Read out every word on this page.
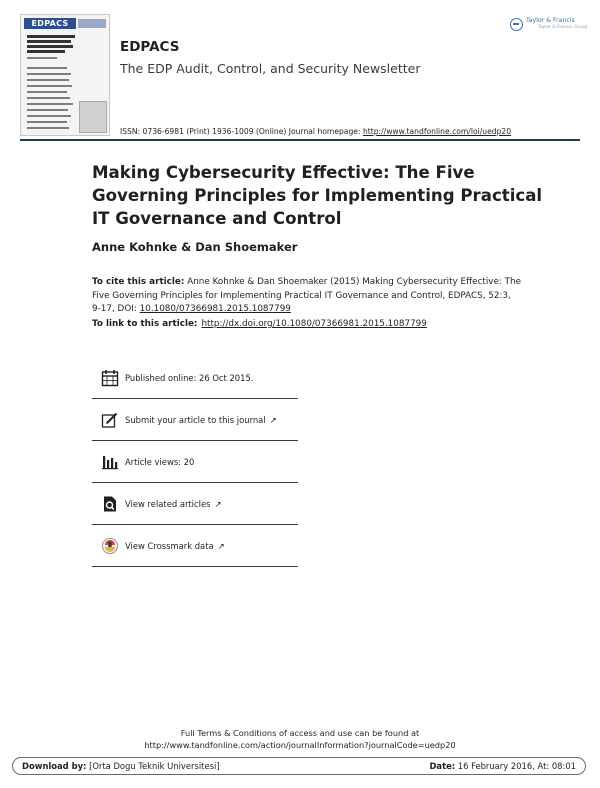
EDPACS
EDPACS
The EDP Audit, Control, and Security Newsletter
ISSN: 0736-6981 (Print) 1936-1009 (Online) Journal homepage: http://www.tandfonline.com/loi/uedp20
Taylor & Francis
Taylor & Francis Group
Making Cybersecurity Effective: The Five Governing Principles for Implementing Practical IT Governance and Control
Anne Kohnke & Dan Shoemaker
To cite this article: Anne Kohnke & Dan Shoemaker (2015) Making Cybersecurity Effective: The Five Governing Principles for Implementing Practical IT Governance and Control, EDPACS, 52:3, 9-17, DOI: 10.1080/07366981.2015.1087799
To link to this article: http://dx.doi.org/10.1080/07366981.2015.1087799
Published online: 26 Oct 2015.
Submit your article to this journal ↗
Article views: 20
View related articles ↗
View Crossmark data ↗
Full Terms & Conditions of access and use can be found at
http://www.tandfonline.com/action/journalInformation?journalCode=uedp20
Download by: [Orta Dogu Teknik Universitesi]	Date: 16 February 2016, At: 08:01
